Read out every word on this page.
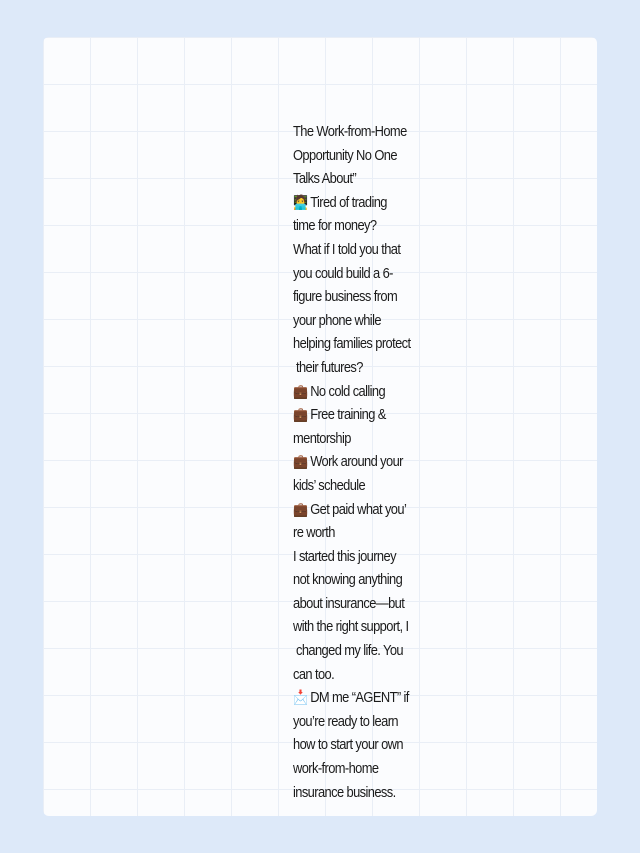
The Work-from-Home
Opportunity No One
Talks About”
🧑‍💻 Tired of trading
time for money?
What if I told you that
you could build a 6-
figure business from
your phone while
helping families protect
their futures?
💼 No cold calling
💼 Free training &
mentorship
💼 Work around your
kids’ schedule
💼 Get paid what you’
re worth
I started this journey
not knowing anything
about insurance—but
with the right support, I
changed my life. You
can too.
📩 DM me “AGENT” if
you’re ready to learn
how to start your own
work-from-home
insurance business.
